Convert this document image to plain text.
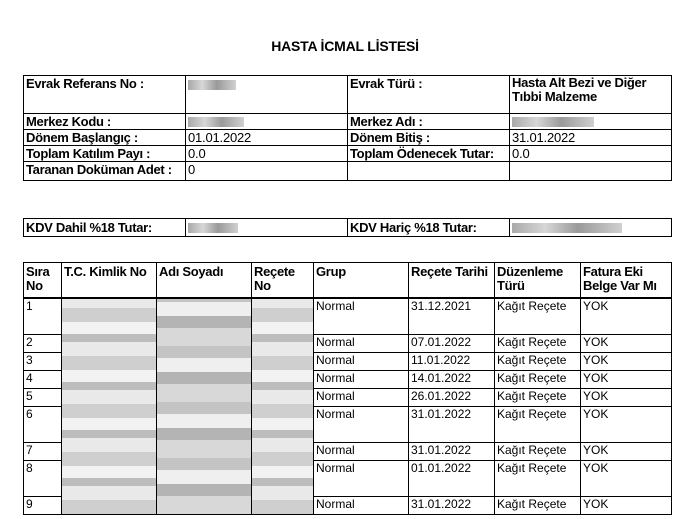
HASTA İCMAL LİSTESİ
Evrak Referans No :		Evrak Türü :	Hasta Alt Bezi ve Diğer Tıbbi Malzeme
Merkez Kodu :		Merkez Adı :	
Dönem Başlangıç :	01.01.2022	Dönem Bitiş :	31.01.2022
Toplam Katılım Payı :	0.0	Toplam Ödenecek Tutar:	0.0
Taranan Doküman Adet :	0		
KDV Dahil %18 Tutar:		KDV Hariç %18 Tutar:	
Sıra No	T.C. Kimlik No	Adı Soyadı	Reçete No	Grup	Reçete Tarihi	Düzenleme Türü	Fatura Eki Belge Var Mı
1				Normal	31.12.2021	Kağıt Reçete	YOK
2				Normal	07.01.2022	Kağıt Reçete	YOK
3				Normal	11.01.2022	Kağıt Reçete	YOK
4				Normal	14.01.2022	Kağıt Reçete	YOK
5				Normal	26.01.2022	Kağıt Reçete	YOK
6				Normal	31.01.2022	Kağıt Reçete	YOK
7				Normal	31.01.2022	Kağıt Reçete	YOK
8				Normal	01.01.2022	Kağıt Reçete	YOK
9				Normal	31.01.2022	Kağıt Reçete	YOK
